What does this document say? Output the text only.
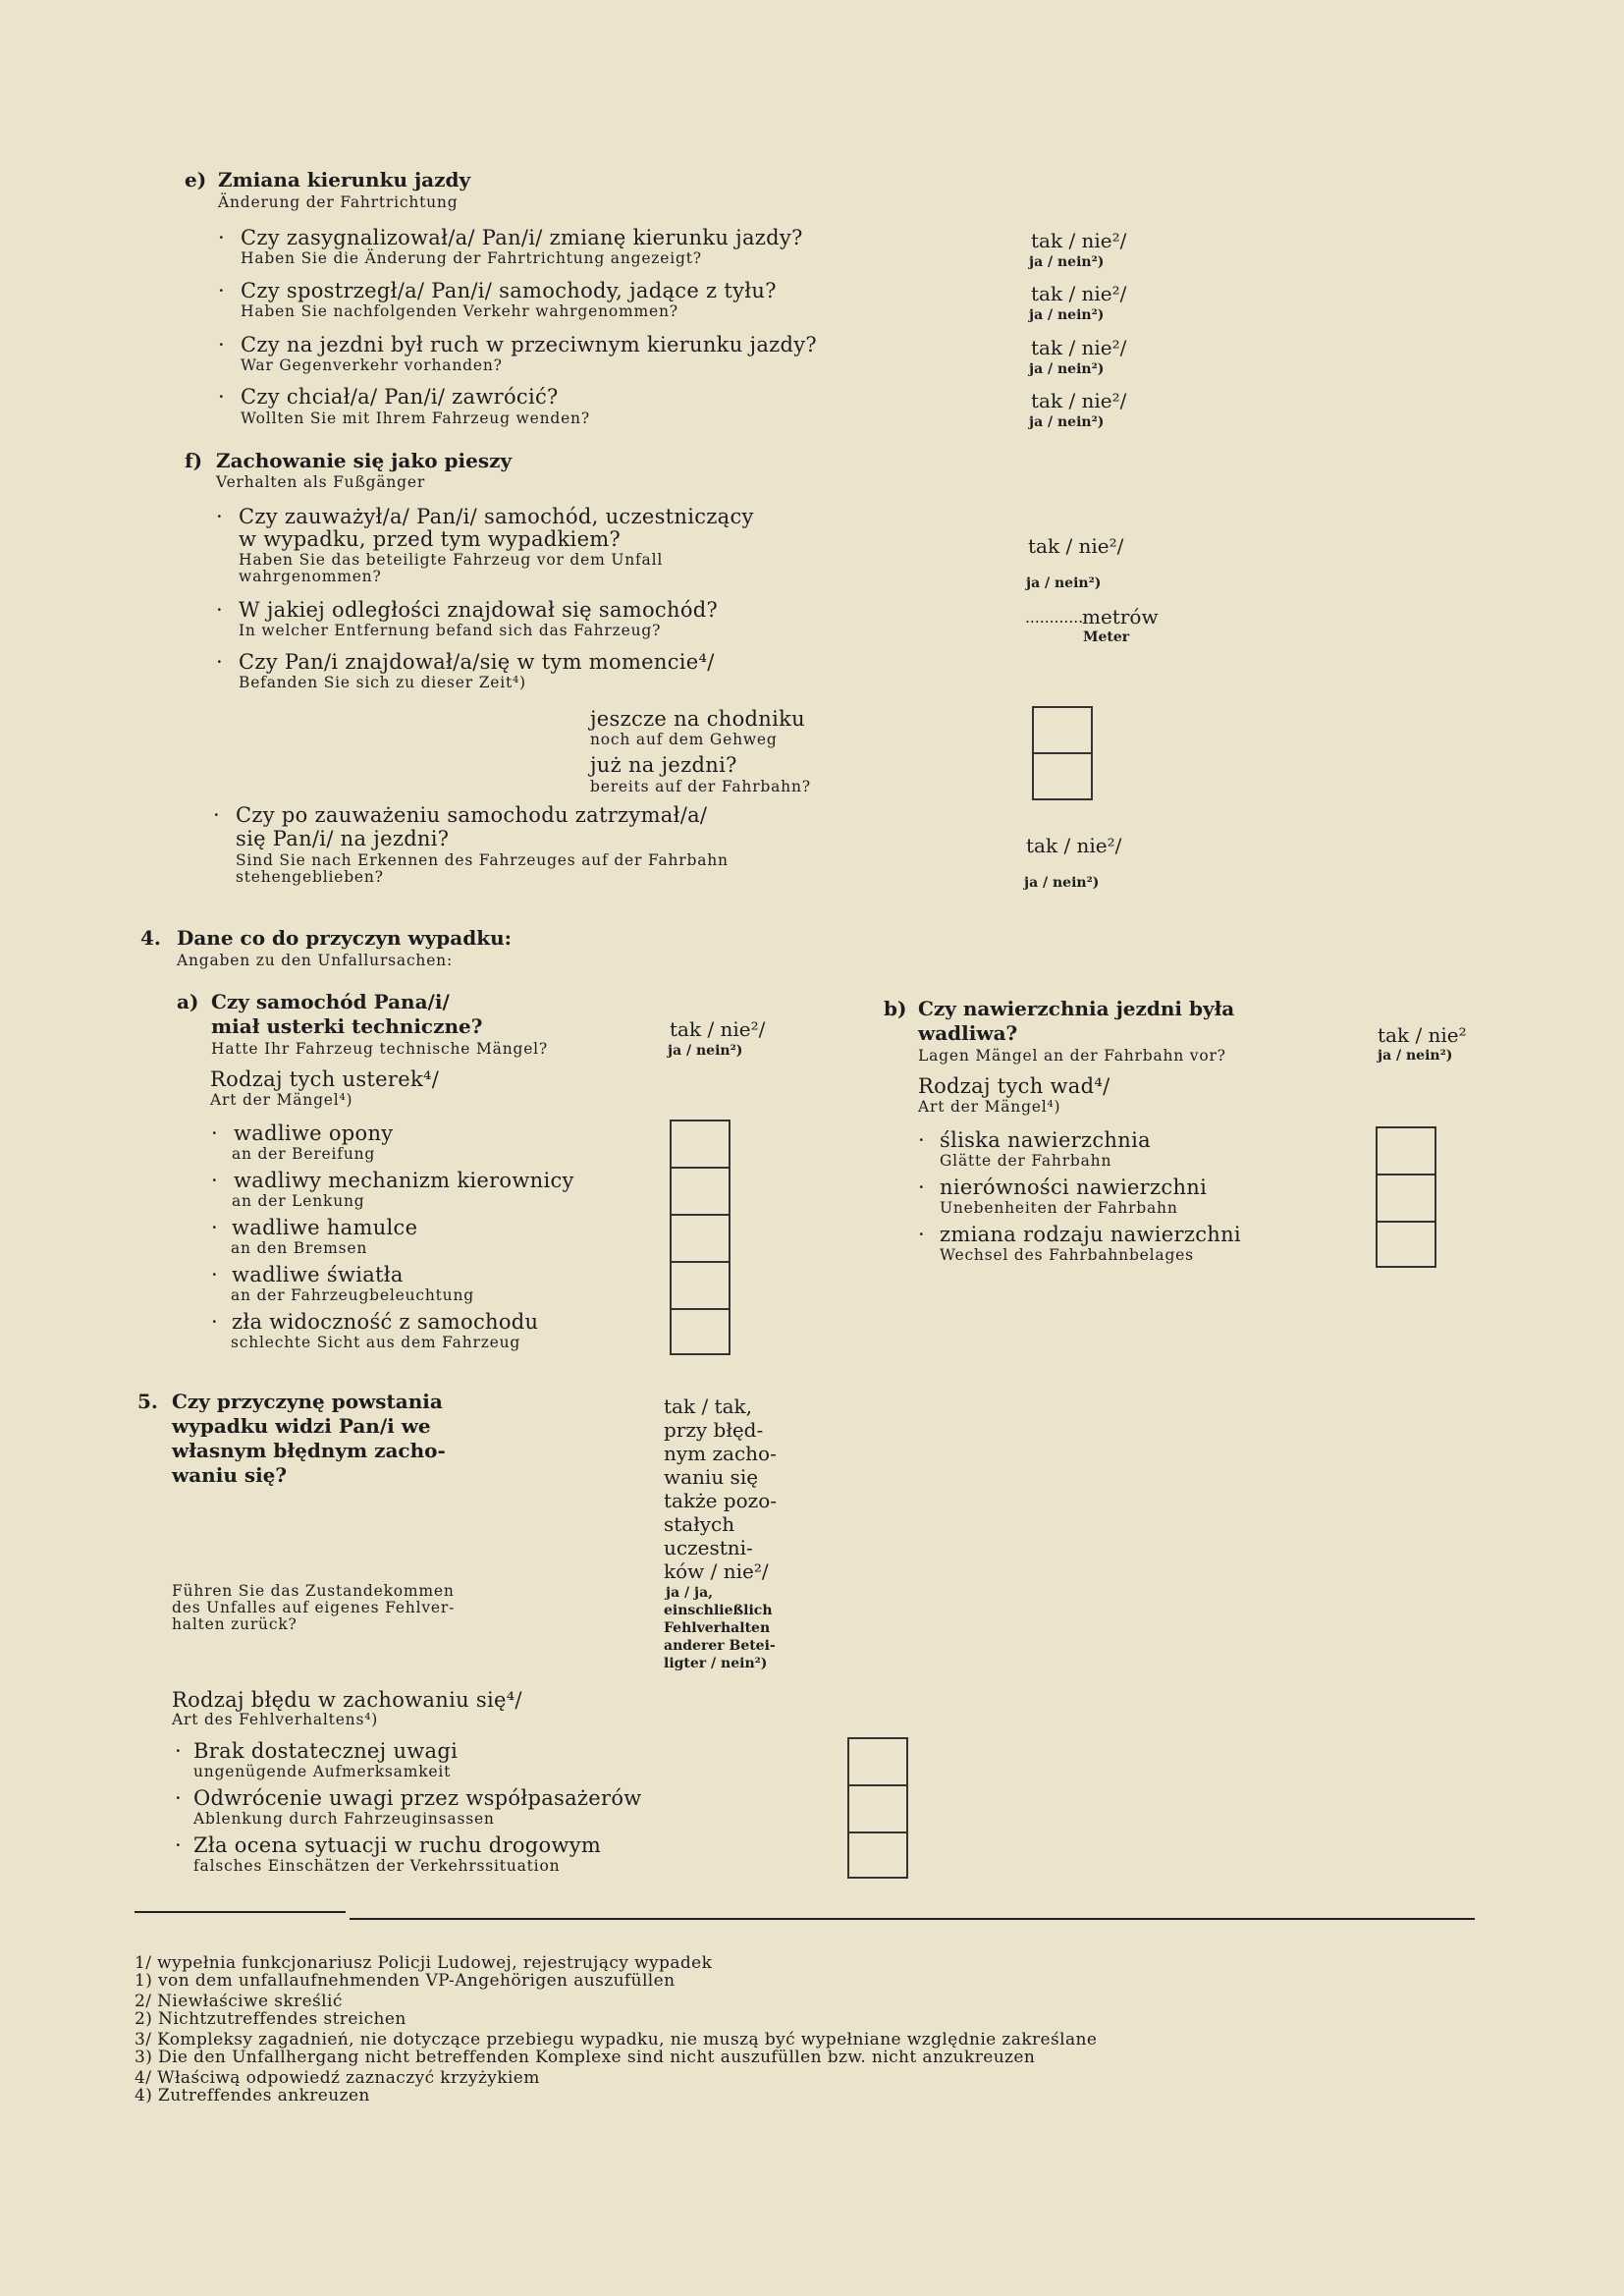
e) Zmiana kierunku jazdy
Änderung der Fahrtrichtung
· Czy zasygnalizował/a/ Pan/i/ zmianę kierunku jazdy?
Haben Sie die Änderung der Fahrtrichtung angezeigt?
tak / nie²/
ja / nein²)
· Czy spostrzegł/a/ Pan/i/ samochody, jadące z tyłu?
Haben Sie nachfolgenden Verkehr wahrgenommen?
tak / nie²/
ja / nein²)
· Czy na jezdni był ruch w przeciwnym kierunku jazdy?
War Gegenverkehr vorhanden?
tak / nie²/
ja / nein²)
· Czy chciał/a/ Pan/i/ zawrócić?
Wollten Sie mit Ihrem Fahrzeug wenden?
tak / nie²/
ja / nein²)
f) Zachowanie się jako pieszy
Verhalten als Fußgänger
· Czy zauważył/a/ Pan/i/ samochód, uczestniczący
w wypadku, przed tym wypadkiem?
Haben Sie das beteiligte Fahrzeug vor dem Unfall
wahrgenommen?
tak / nie²/
ja / nein²)
· W jakiej odległości znajdował się samochód?
In welcher Entfernung befand sich das Fahrzeug?
............
metrów
Meter
· Czy Pan/i znajdował/a/się w tym momencie⁴/
Befanden Sie sich zu dieser Zeit⁴)
jeszcze na chodniku
noch auf dem Gehweg
już na jezdni?
bereits auf der Fahrbahn?
· Czy po zauważeniu samochodu zatrzymał/a/
się Pan/i/ na jezdni?
Sind Sie nach Erkennen des Fahrzeuges auf der Fahrbahn
stehengeblieben?
tak / nie²/
ja / nein²)
4. Dane co do przyczyn wypadku:
Angaben zu den Unfallursachen:
a) Czy samochód Pana/i/
miał usterki techniczne?
Hatte Ihr Fahrzeug technische Mängel?
tak / nie²/
ja / nein²)
Rodzaj tych usterek⁴/
Art der Mängel⁴)
· wadliwe opony
an der Bereifung
· wadliwy mechanizm kierownicy
an der Lenkung
· wadliwe hamulce
an den Bremsen
· wadliwe światła
an der Fahrzeugbeleuchtung
· zła widoczność z samochodu
schlechte Sicht aus dem Fahrzeug
b) Czy nawierzchnia jezdni była
wadliwa?
Lagen Mängel an der Fahrbahn vor?
tak / nie²
ja / nein²)
Rodzaj tych wad⁴/
Art der Mängel⁴)
· śliska nawierzchnia
Glätte der Fahrbahn
· nierówności nawierzchni
Unebenheiten der Fahrbahn
· zmiana rodzaju nawierzchni
Wechsel des Fahrbahnbelages
5. Czy przyczynę powstania
wypadku widzi Pan/i we
własnym błędnym zacho-
waniu się?
Führen Sie das Zustandekommen
des Unfalles auf eigenes Fehlver-
halten zurück?
tak / tak,
przy błęd-
nym zacho-
waniu się
także pozo-
stałych
uczestni-
ków / nie²/
ja / ja,
einschließlich
Fehlverhalten
anderer Betei-
ligter / nein²)
Rodzaj błędu w zachowaniu się⁴/
Art des Fehlverhaltens⁴)
· Brak dostatecznej uwagi
ungenügende Aufmerksamkeit
· Odwrócenie uwagi przez współpasażerów
Ablenkung durch Fahrzeuginsassen
· Zła ocena sytuacji w ruchu drogowym
falsches Einschätzen der Verkehrssituation
1/ wypełnia funkcjonariusz Policji Ludowej, rejestrujący wypadek
1) von dem unfallaufnehmenden VP-Angehörigen auszufüllen
2/ Niewłaściwe skreślić
2) Nichtzutreffendes streichen
3/ Kompleksy zagadnień, nie dotyczące przebiegu wypadku, nie muszą być wypełniane względnie zakreślane
3) Die den Unfallhergang nicht betreffenden Komplexe sind nicht auszufüllen bzw. nicht anzukreuzen
4/ Właściwą odpowiedź zaznaczyć krzyżykiem
4) Zutreffendes ankreuzen
